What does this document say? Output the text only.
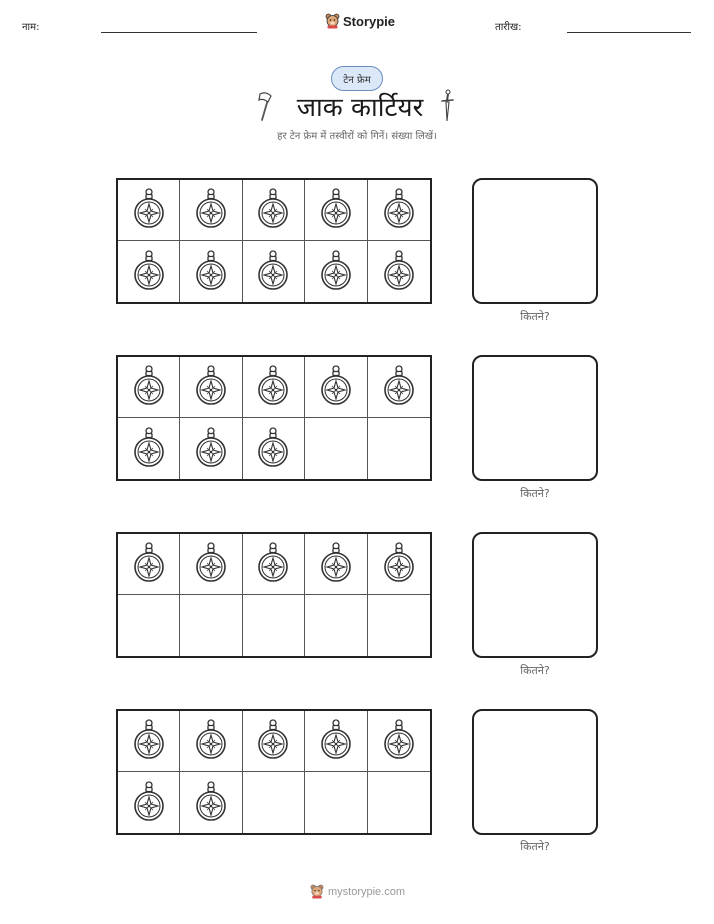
नाम:	Storypie	तारीख:
टेन फ्रेम
जाक कार्टियर
हर टेन फ्रेम में तस्वीरों को गिनें। संख्या लिखें।
कितने?
कितने?
कितने?
कितने?
mystorypie.com
